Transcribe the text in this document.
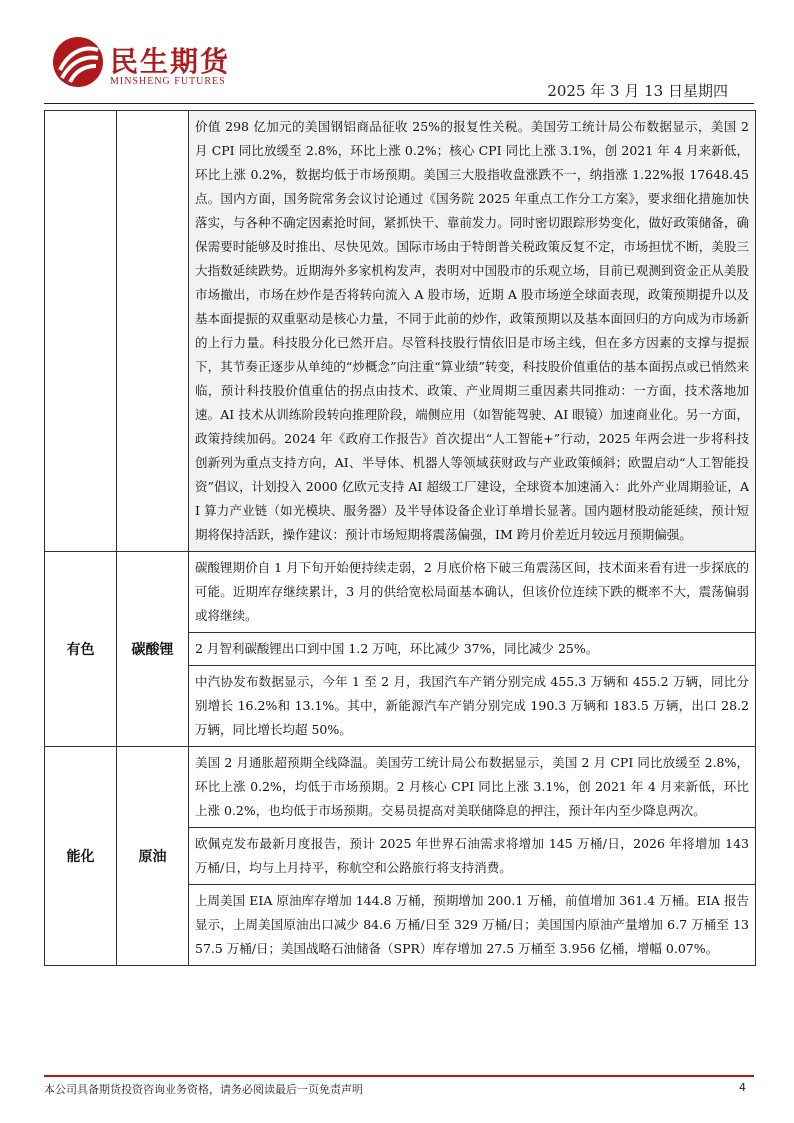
民生期货
MINSHENG FUTURES
2025 年 3 月 13 日星期四

		价值 298 亿加元的美国钢铝商品征收 25%的报复性关税。美国劳工统计局公布数据显示，美国 2 月 CPI 同比放缓至 2.8%，环比上涨 0.2%；核心 CPI 同比上涨 3.1%，创 2021 年 4 月来新低，环比上涨 0.2%，数据均低于市场预期。美国三大股指收盘涨跌不一，纳指涨 1.22%报 17648.45 点。国内方面，国务院常务会议讨论通过《国务院 2025 年重点工作分工方案》，要求细化措施加快落实，与各种不确定因素抢时间，紧抓快干、靠前发力。同时密切跟踪形势变化，做好政策储备，确保需要时能够及时推出、尽快见效。国际市场由于特朗普关税政策反复不定，市场担忧不断，美股三大指数延续跌势。近期海外多家机构发声，表明对中国股市的乐观立场，目前已观测到资金正从美股市场撤出，市场在炒作是否将转向流入 A 股市场，近期 A 股市场逆全球面表现，政策预期提升以及基本面提振的双重驱动是核心力量，不同于此前的炒作，政策预期以及基本面回归的方向成为市场新的上行力量。科技股分化已然开启。尽管科技股行情依旧是市场主线，但在多方因素的支撑与提振下，其节奏正逐步从单纯的“炒概念”向注重“算业绩”转变，科技股价值重估的基本面拐点或已悄然来临，预计科技股价值重估的拐点由技术、政策、产业周期三重因素共同推动：一方面，技术落地加速。AI 技术从训练阶段转向推理阶段，端侧应用（如智能驾驶、AI 眼镜）加速商业化。另一方面，政策持续加码。2024 年《政府工作报告》首次提出“人工智能+”行动，2025 年两会进一步将科技创新列为重点支持方向，AI、半导体、机器人等领域获财政与产业政策倾斜；欧盟启动“人工智能投资”倡议，计划投入 2000 亿欧元支持 AI 超级工厂建设，全球资本加速涌入：此外产业周期验证，AI 算力产业链（如光模块、服务器）及半导体设备企业订单增长显著。国内题材股动能延续，预计短期将保持活跃，操作建议：预计市场短期将震荡偏强，IM 跨月价差近月较远月预期偏强。

有色	碳酸锂	碳酸锂期价自 1 月下旬开始便持续走弱，2 月底价格下破三角震荡区间，技术面来看有进一步探底的可能。近期库存继续累计，3 月的供给宽松局面基本确认，但该价位连续下跌的概率不大，震荡偏弱或将继续。

2 月智利碳酸锂出口到中国 1.2 万吨，环比减少 37%，同比减少 25%。

中汽协发布数据显示，今年 1 至 2 月，我国汽车产销分别完成 455.3 万辆和 455.2 万辆，同比分别增长 16.2%和 13.1%。其中，新能源汽车产销分别完成 190.3 万辆和 183.5 万辆，出口 28.2 万辆，同比增长均超 50%。

能化	原油	美国 2 月通胀超预期全线降温。美国劳工统计局公布数据显示，美国 2 月 CPI 同比放缓至 2.8%，环比上涨 0.2%，均低于市场预期。2 月核心 CPI 同比上涨 3.1%，创 2021 年 4 月来新低，环比上涨 0.2%，也均低于市场预期。交易员提高对美联储降息的押注，预计年内至少降息两次。

欧佩克发布最新月度报告，预计 2025 年世界石油需求将增加 145 万桶/日，2026 年将增加 143 万桶/日，均与上月持平，称航空和公路旅行将支持消费。

上周美国 EIA 原油库存增加 144.8 万桶，预期增加 200.1 万桶，前值增加 361.4 万桶。EIA 报告显示，上周美国原油出口减少 84.6 万桶/日至 329 万桶/日；美国国内原油产量增加 6.7 万桶至 1357.5 万桶/日；美国战略石油储备（SPR）库存增加 27.5 万桶至 3.956 亿桶，增幅 0.07%。

本公司具备期货投资咨询业务资格，请务必阅读最后一页免责声明	4
